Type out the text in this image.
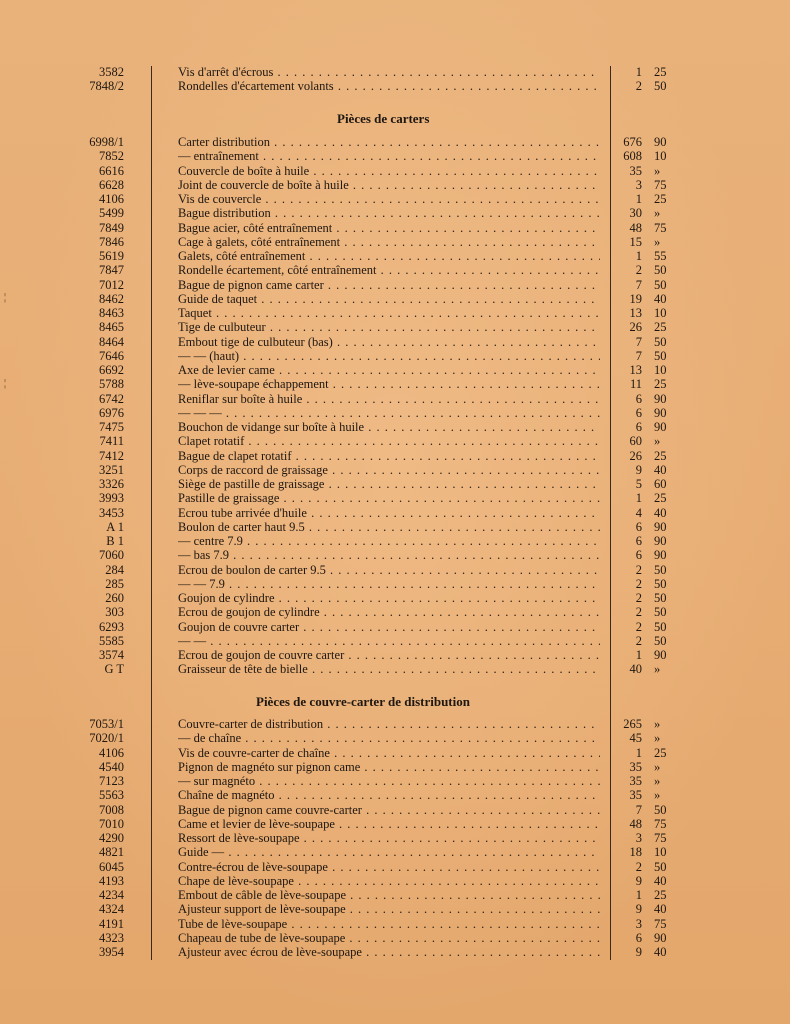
¦
¦
3582	Vis d'arrêt d'écrous . . .	1 25
7848/2	Rondelles d'écartement volants . . .	2 50
Pièces de carters
6998/1	Carter distribution . . .	676 90
7852	— entraînement . . .	608 10
6616	Couvercle de boîte à huile . . .	35 »
6628	Joint de couvercle de boîte à huile . . .	3 75
4106	Vis de couvercle . . .	1 25
5499	Bague distribution . . .	30 »
7849	Bague acier, côté entraînement . . .	48 75
7846	Cage à galets, côté entraînement . . .	15 »
5619	Galets, côté entraînement . . .	1 55
7847	Rondelle écartement, côté entraînement . . .	2 50
7012	Bague de pignon came carter . . .	7 50
8462	Guide de taquet . . .	19 40
8463	Taquet . . .	13 10
8465	Tige de culbuteur . . .	26 25
8464	Embout tige de culbuteur (bas) . . .	7 50
7646	— — (haut) . . .	7 50
6692	Axe de levier came . . .	13 10
5788	— lève-soupape échappement . . .	11 25
6742	Reniflar sur boîte à huile . . .	6 90
6976	— — — . . .	6 90
7475	Bouchon de vidange sur boîte à huile . . .	6 90
7411	Clapet rotatif . . .	60 »
7412	Bague de clapet rotatif . . .	26 25
3251	Corps de raccord de graissage . . .	9 40
3326	Siège de pastille de graissage . . .	5 60
3993	Pastille de graissage . . .	1 25
3453	Ecrou tube arrivée d'huile . . .	4 40
A 1	Boulon de carter haut 9.5 . . .	6 90
B 1	— centre 7.9 . . .	6 90
7060	— bas 7.9 . . .	6 90
284	Ecrou de boulon de carter 9.5 . . .	2 50
285	— — 7.9 . . .	2 50
260	Goujon de cylindre . . .	2 50
303	Ecrou de goujon de cylindre . . .	2 50
6293	Goujon de couvre carter . . .	2 50
5585	— — . . .	2 50
3574	Ecrou de goujon de couvre carter . . .	1 90
G T	Graisseur de tête de bielle . . .	40 »
Pièces de couvre-carter de distribution
7053/1	Couvre-carter de distribution . . .	265 »
7020/1	— de chaîne . . .	45 »
4106	Vis de couvre-carter de chaîne . . .	1 25
4540	Pignon de magnéto sur pignon came . . .	35 »
7123	— sur magnéto . . .	35 »
5563	Chaîne de magnéto . . .	35 »
7008	Bague de pignon came couvre-carter . . .	7 50
7010	Came et levier de lève-soupape . . .	48 75
4290	Ressort de lève-soupape . . .	3 75
4821	Guide — . . .	18 10
6045	Contre-écrou de lève-soupape . . .	2 50
4193	Chape de lève-soupape . . .	9 40
4234	Embout de câble de lève-soupape . . .	1 25
4324	Ajusteur support de lève-soupape . . .	9 40
4191	Tube de lève-soupape . . .	3 75
4323	Chapeau de tube de lève-soupape . . .	6 90
3954	Ajusteur avec écrou de lève-soupape . . .	9 40
